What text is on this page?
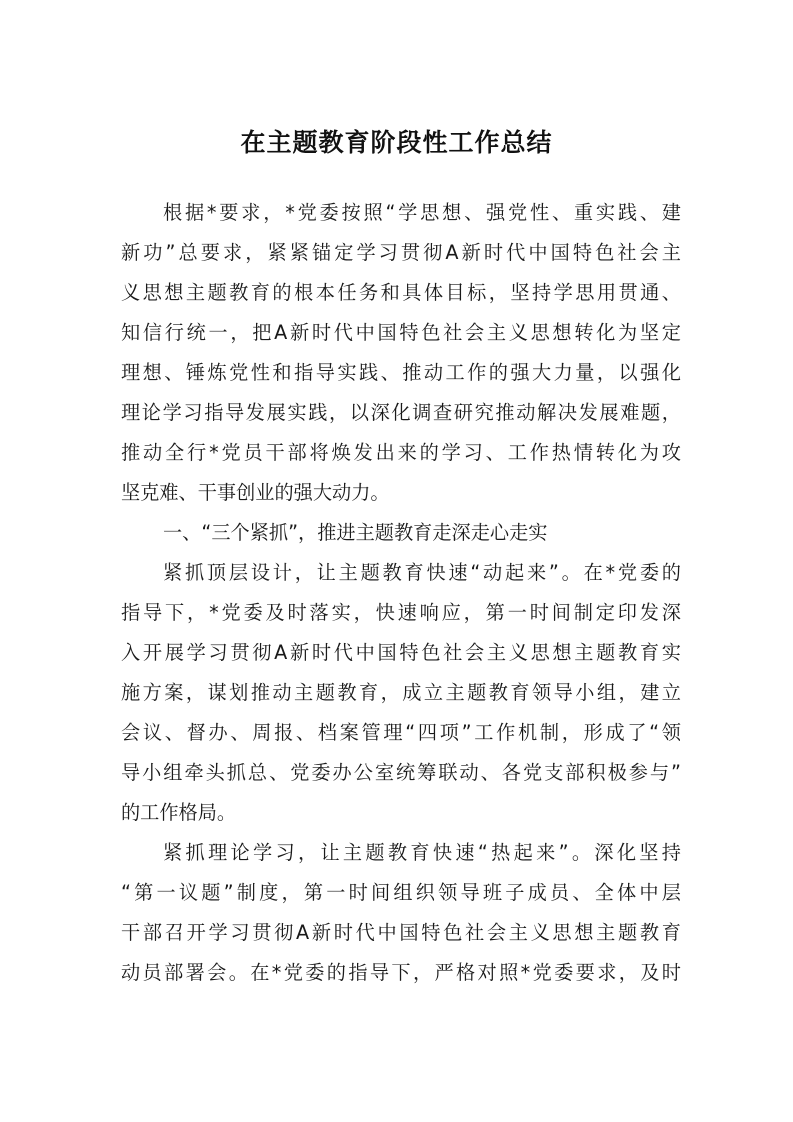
在主题教育阶段性工作总结
根据*要求，*党委按照“学思想、强党性、重实践、建
新功”总要求，紧紧锚定学习贯彻A新时代中国特色社会主
义思想主题教育的根本任务和具体目标，坚持学思用贯通、
知信行统一，把A新时代中国特色社会主义思想转化为坚定
理想、锤炼党性和指导实践、推动工作的强大力量，以强化
理论学习指导发展实践，以深化调查研究推动解决发展难题，
推动全行*党员干部将焕发出来的学习、工作热情转化为攻
坚克难、干事创业的强大动力。
一、“三个紧抓”，推进主题教育走深走心走实
紧抓顶层设计，让主题教育快速“动起来”。在*党委的
指导下，*党委及时落实，快速响应，第一时间制定印发深
入开展学习贯彻A新时代中国特色社会主义思想主题教育实
施方案，谋划推动主题教育，成立主题教育领导小组，建立
会议、督办、周报、档案管理“四项”工作机制，形成了“领
导小组牵头抓总、党委办公室统筹联动、各党支部积极参与”
的工作格局。
紧抓理论学习，让主题教育快速“热起来”。深化坚持
“第一议题”制度，第一时间组织领导班子成员、全体中层
干部召开学习贯彻A新时代中国特色社会主义思想主题教育
动员部署会。在*党委的指导下，严格对照*党委要求，及时
